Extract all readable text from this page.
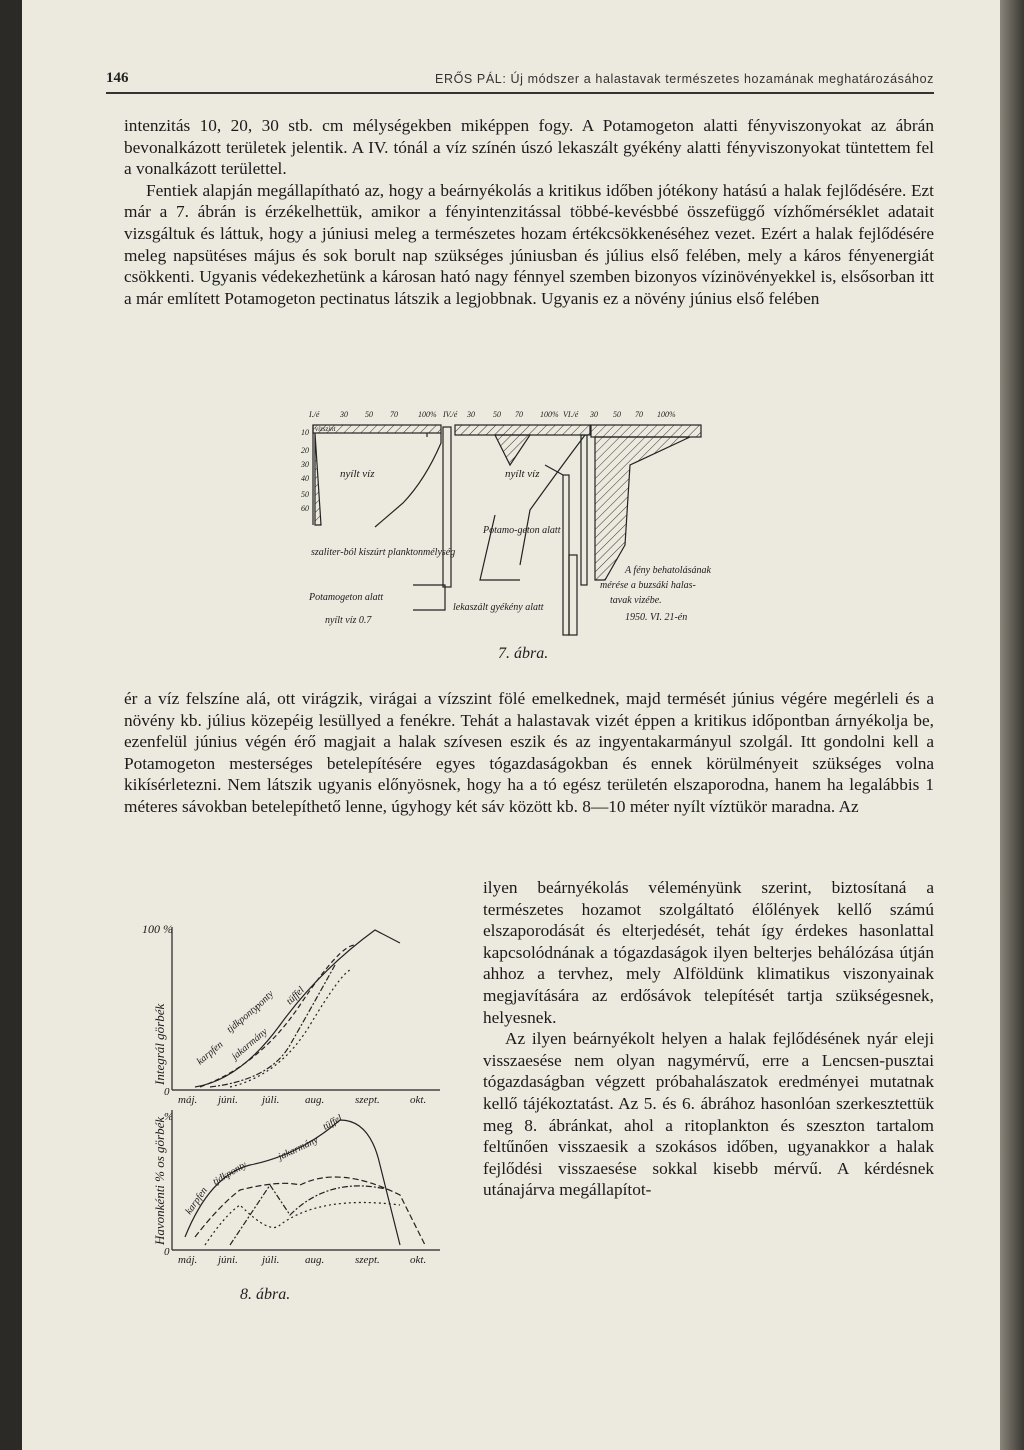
146	ERŐS PÁL: Új módszer a halastavak természetes hozamának meghatározásához

intenzitás 10, 20, 30 stb. cm mélységekben miképpen fogy. A Potamogeton alatti fényviszonyokat az ábrán bevonalkázott területek jelentik. A IV. tónál a víz színén úszó lekaszált gyékény alatti fényviszonyokat tüntettem fel a vonalkázott területtel.

Fentiek alapján megállapítható az, hogy a beárnyékolás a kritikus időben jótékony hatású a halak fejlődésére. Ezt már a 7. ábrán is érzékelhettük, amikor a fényintenzitással többé-kevésbbé összefüggő vízhőmérséklet adatait vizsgáltuk és láttuk, hogy a júniusi meleg a természetes hozam értékcsökkenéséhez vezet. Ezért a halak fejlődésére meleg napsütéses május és sok borult nap szükséges júniusban és július első felében, mely a káros fényenergiát csökkenti. Ugyanis védekezhetünk a károsan ható nagy fénnyel szemben bizonyos vízinövényekkel is, elsősorban itt a már említett Potamogeton pectinatus látszik a legjobbnak. Ugyanis ez a növény június első felében

I./é	30 50 70	100% IV./é 30 50 70 100% VI./é 30 50 70 100%
vízszint
nyílt víz
10
20
30
40
50
60
szaliter-ból kiszúrt planktonmélység
Potamogeton alatt
nyílt víz 0.7
nyílt víz
Potamo-geton alatt
lekaszált gyékény alatt
A fény behatolásának
mérése a buzsáki halas-
tavak vizébe.
1950. VI. 21-én
7. ábra.

ér a víz felszíne alá, ott virágzik, virágai a vízszint fölé emelkednek, majd termését június végére megérleli és a növény kb. július közepéig lesüllyed a fenékre. Tehát a halastavak vizét éppen a kritikus időpontban árnyékolja be, ezenfelül június végén érő magjait a halak szívesen eszik és az ingyentakarmányul szolgál. Itt gondolni kell a Potamogeton mesterséges betelepítésére egyes tógazdaságokban és ennek körülményeit szükséges volna kikísérletezni. Nem látszik ugyanis előnyösnek, hogy ha a tó egész területén elszaporodna, hanem ha legalábbis 1 méteres sávokban betelepíthető lenne, úgyhogy két sáv között kb. 8—10 méter nyílt víztükör maradna. Az

100 %
Integrál görbék
Havonkénti % os görbék
karpfen
tjdkponty
ponty tüffel
jakarmány
karpfen
tjdkponty
jakarmány
tüffel
0
%
0
máj. júni. júli. aug.	szept.	okt.
máj. júni. júli. aug.	szept.	okt.
8. ábra.

ilyen beárnyékolás véleményünk szerint, biztosítaná a természetes hozamot szolgáltató élőlények kellő számú elszaporodását és elterjedését, tehát így érdekes hasonlattal kapcsolódnának a tógazdaságok ilyen belterjes behálózása útján ahhoz a tervhez, mely Alföldünk klimatikus viszonyainak megjavítására az erdősávok telepítését tartja szükségesnek, helyesnek.

Az ilyen beárnyékolt helyen a halak fejlődésének nyár eleji visszaesése nem olyan nagymérvű, erre a Lencsen-pusztai tógazdaságban végzett próbahalászatok eredményei mutatnak kellő tájékoztatást. Az 5. és 6. ábrához hasonlóan szerkesztettük meg 8. ábránkat, ahol a ritoplankton és szeszton tartalom feltűnően visszaesik a szokásos időben, ugyanakkor a halak fejlődési visszaesése sokkal kisebb mérvű. A kérdésnek utánajárva megállapítot-
